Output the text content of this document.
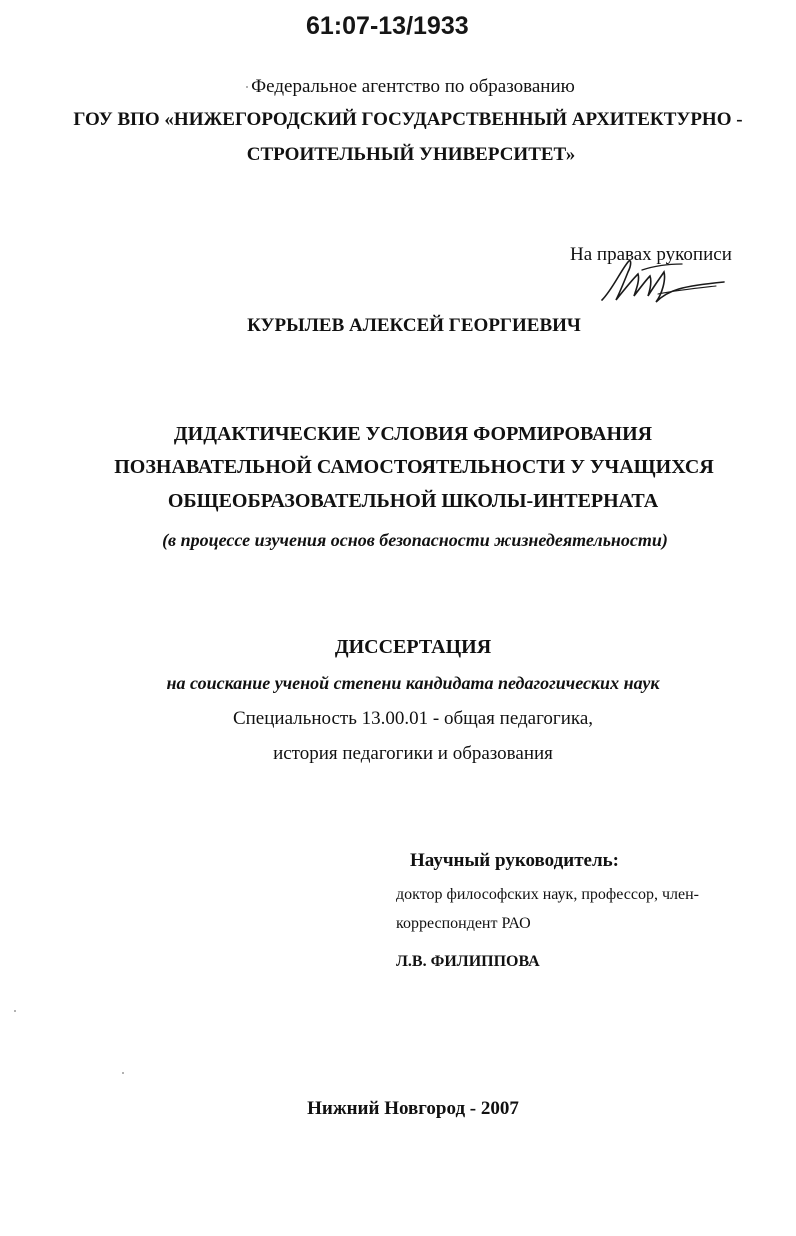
61:07-13/1933
Федеральное агентство по образованию
ГОУ ВПО «НИЖЕГОРОДСКИЙ ГОСУДАРСТВЕННЫЙ АРХИТЕКТУРНО -
СТРОИТЕЛЬНЫЙ УНИВЕРСИТЕТ»
На правах рукописи
КУРЫЛЕВ АЛЕКСЕЙ ГЕОРГИЕВИЧ
ДИДАКТИЧЕСКИЕ УСЛОВИЯ ФОРМИРОВАНИЯ
ПОЗНАВАТЕЛЬНОЙ САМОСТОЯТЕЛЬНОСТИ У УЧАЩИХСЯ
ОБЩЕОБРАЗОВАТЕЛЬНОЙ ШКОЛЫ-ИНТЕРНАТА
(в процессе изучения основ безопасности жизнедеятельности)
ДИССЕРТАЦИЯ
на соискание ученой степени кандидата педагогических наук
Специальность 13.00.01 - общая педагогика,
история педагогики и образования
Научный руководитель:
доктор философских наук, профессор, член-
корреспондент РАО
Л.В. ФИЛИППОВА
Нижний Новгород - 2007
